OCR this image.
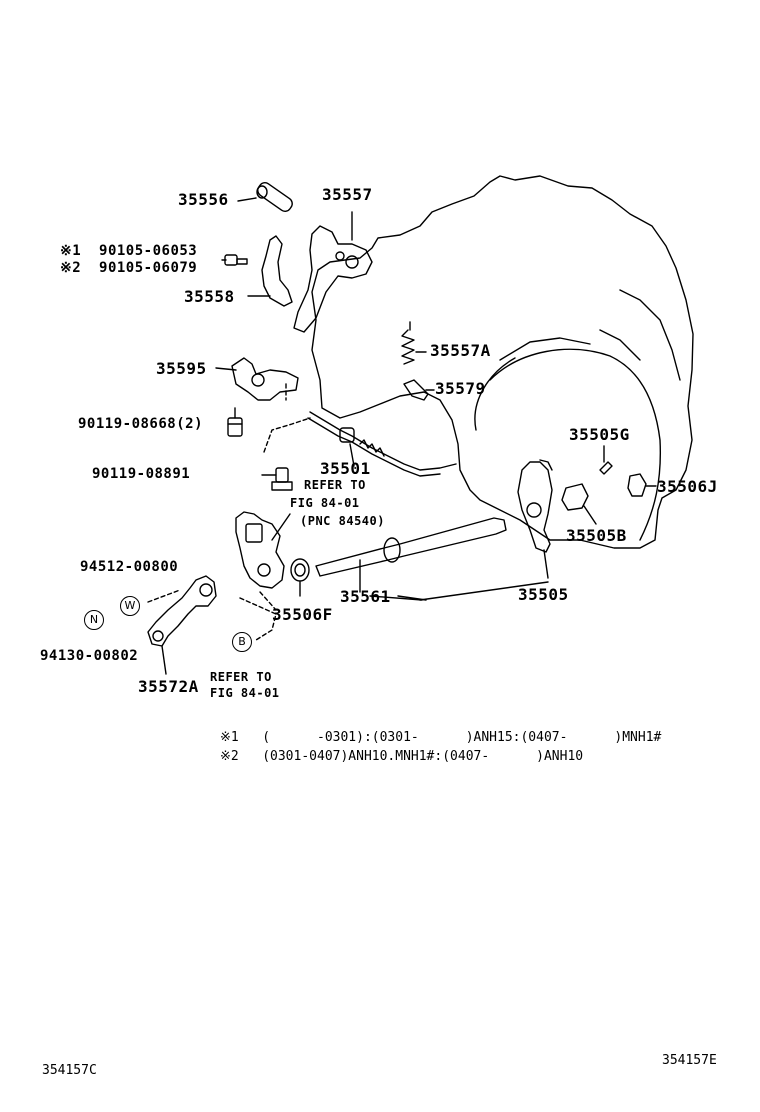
35556	35557
※1  90105-06053
※2  90105-06079
35558
35557A
35595
35579
90119-08668(2)
35505G
35501
90119-08891
35506J
REFER TO
FIG 84-01
(PNC 84540)
35505B
94512-00800
35561	35505
35506F
94130-00802
35572A REFER TO
FIG 84-01
W
N
B
※1   (      -0301):(0301-      )ANH15:(0407-      )MNH1#
※2   (0301-0407)ANH10.MNH1#:(0407-      )ANH10
354157C
354157E
